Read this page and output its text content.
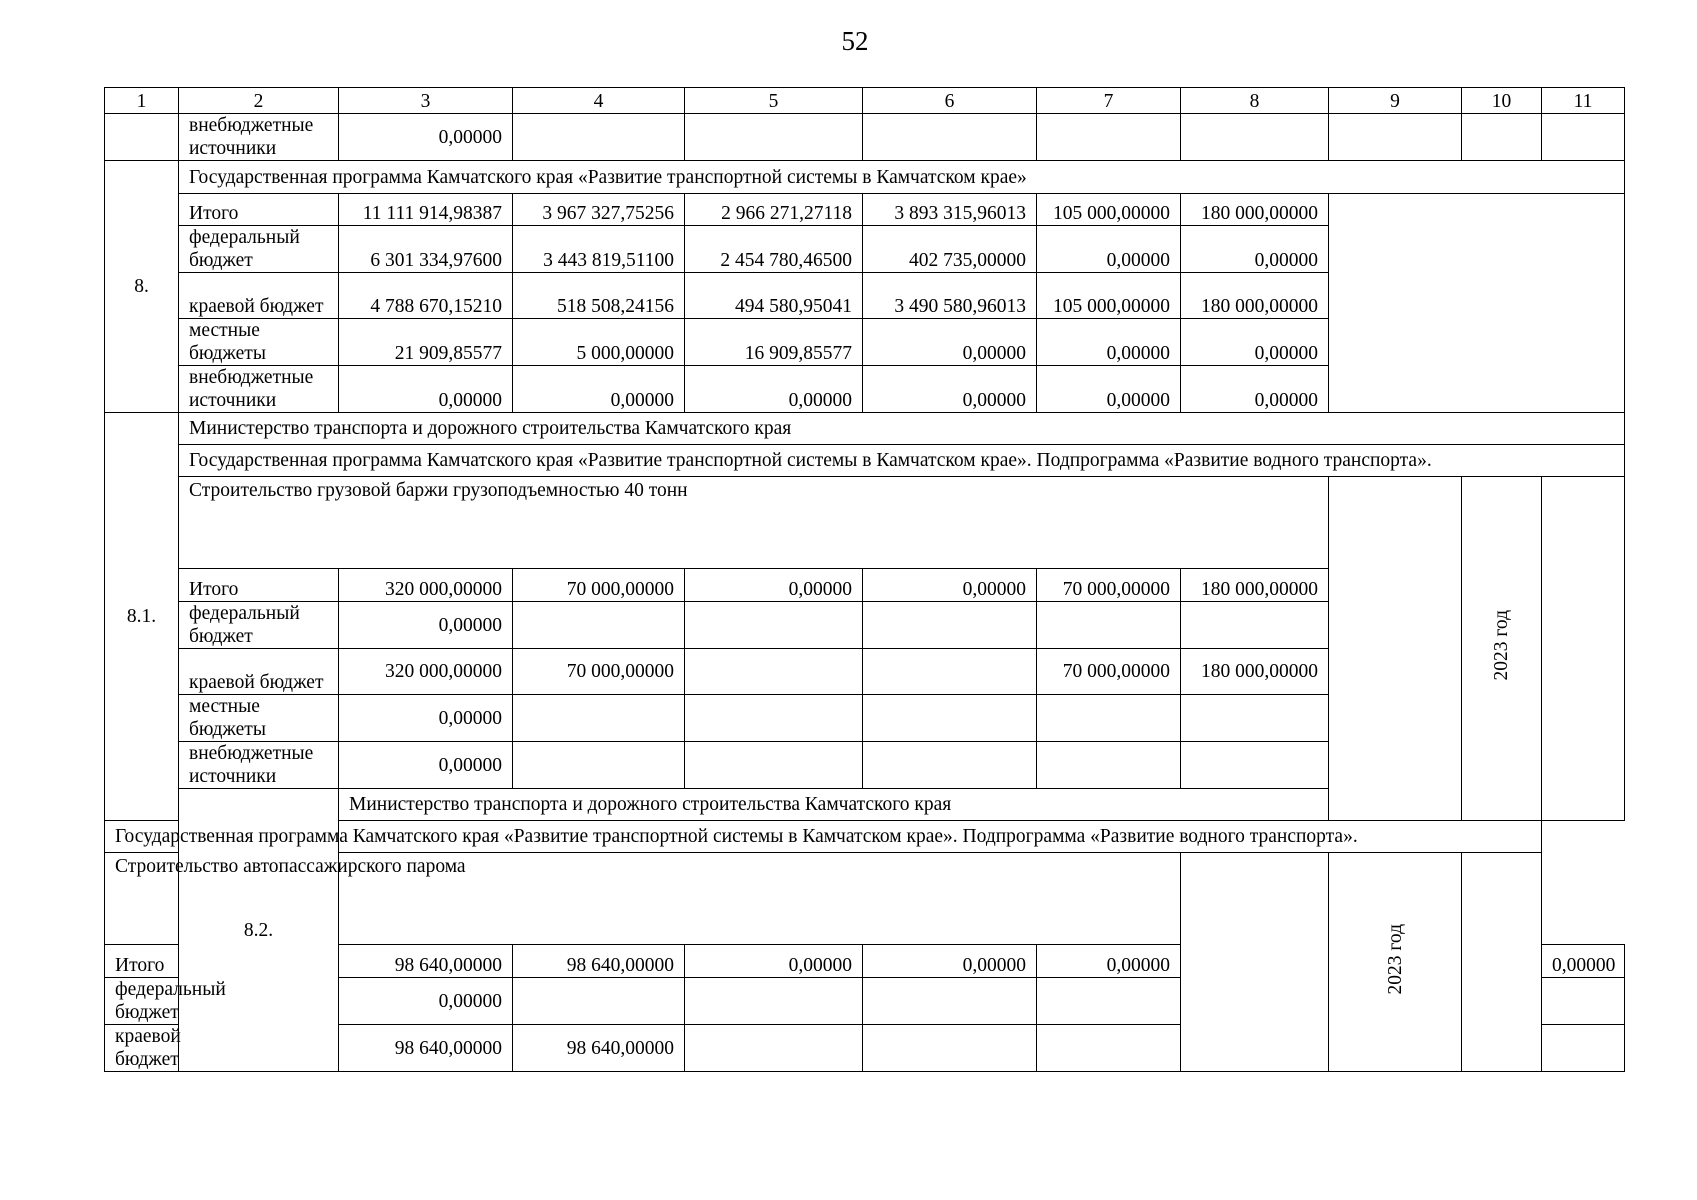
52
1	2	3	4	5	6	7	8	9	10	11
	внебюджетные источники	0,00000								
8.	Государственная программа Камчатского края «Развитие транспортной системы в Камчатском крае»									
	Итого	11 111 914,98387	3 967 327,75256	2 966 271,27118	3 893 315,96013	105 000,00000	180 000,00000			
	федеральный бюджет	6 301 334,97600	3 443 819,51100	2 454 780,46500	402 735,00000	0,00000	0,00000			
	краевой бюджет	4 788 670,15210	518 508,24156	494 580,95041	3 490 580,96013	105 000,00000	180 000,00000			
	местные бюджеты	21 909,85577	5 000,00000	16 909,85577	0,00000	0,00000	0,00000			
	внебюджетные источники	0,00000	0,00000	0,00000	0,00000	0,00000	0,00000			
8.1.	Министерство транспорта и дорожного строительства Камчатского края									
	Государственная программа Камчатского края «Развитие транспортной системы в Камчатском крае». Подпрограмма «Развитие водного транспорта».									
	Строительство грузовой баржи грузоподъемностью 40 тонн								2023 год	
	Итого	320 000,00000	70 000,00000	0,00000	0,00000	70 000,00000	180 000,00000			
	федеральный бюджет	0,00000								
	краевой бюджет	320 000,00000	70 000,00000			70 000,00000	180 000,00000			
	местные бюджеты	0,00000								
	внебюджетные источники	0,00000								
	8.2.	Министерство транспорта и дорожного строительства Камчатского края								
Государственная программа Камчатского края «Развитие транспортной системы в Камчатском крае». Подпрограмма «Развитие водного транспорта».										
Строительство автопассажирского парома								2023 год		
Итого		98 640,00000	98 640,00000	0,00000	0,00000	0,00000				0,00000
федеральный бюджет		0,00000								
краевой бюджет		98 640,00000	98 640,00000							
